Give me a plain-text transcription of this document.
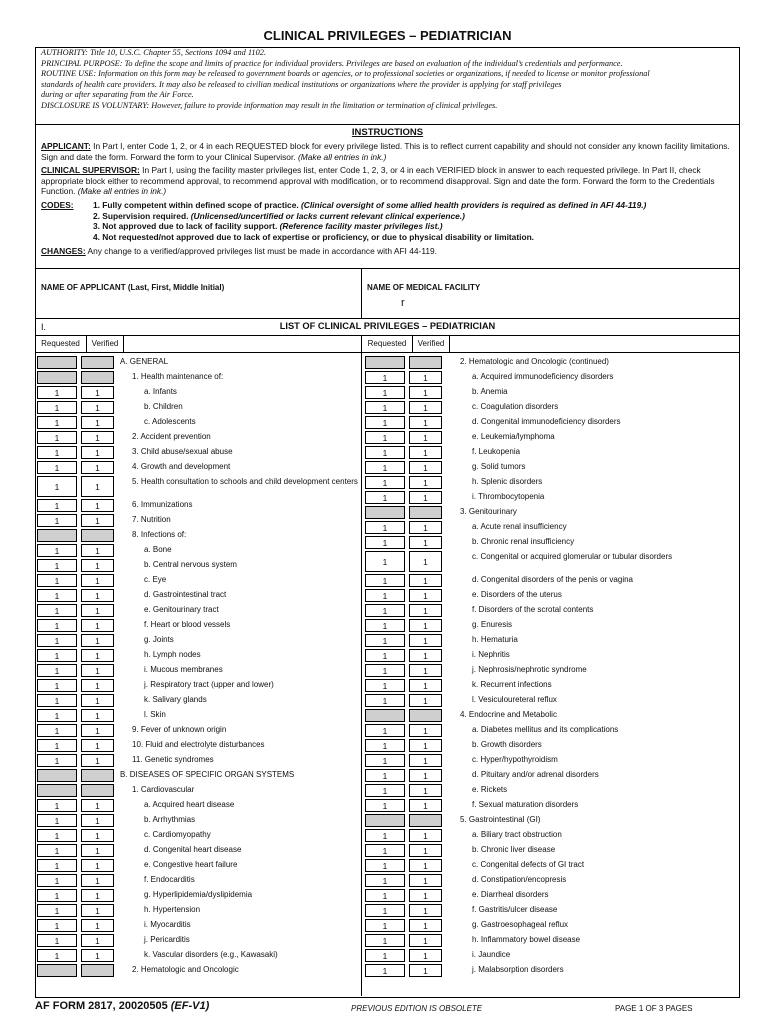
CLINICAL PRIVILEGES – PEDIATRICIAN
AUTHORITY: Title 10, U.S.C. Chapter 55, Sections 1094 and 1102.
PRINCIPAL PURPOSE: To define the scope and limits of practice for individual providers. Privileges are based on evaluation of the individual’s credentials and performance.
ROUTINE USE: Information on this form may be released to government boards or agencies, or to professional societies or organizations, if needed to license or monitor professional
standards of health care providers. It may also be released to civilian medical institutions or organizations where the provider is applying for staff privileges
during or after separating from the Air Force.
DISCLOSURE IS VOLUNTARY: However, failure to provide information may result in the limitation or termination of clinical privileges.
INSTRUCTIONS

APPLICANT: In Part I, enter Code 1, 2, or 4 in each REQUESTED block for every privilege listed. This is to reflect current capability and should not consider any known facility limitations. Sign and date the form. Forward the form to your Clinical Supervisor. (Make all entries in ink.)

CLINICAL SUPERVISOR: In Part I, using the facility master privileges list, enter Code 1, 2, 3, or 4 in each VERIFIED block in answer to each requested privilege. In Part II, check appropriate block either to recommend approval, to recommend approval with modification, or to recommend disapproval. Sign and date the form. Forward the form to the Credentials Function. (Make all entries in ink.)

CODES:	1. Fully competent within defined scope of practice. (Clinical oversight of some allied health providers is required as defined in AFI 44-119.)
2. Supervision required. (Unlicensed/uncertified or lacks current relevant clinical experience.)
3. Not approved due to lack of facility support. (Reference facility master privileges list.)
4. Not requested/not approved due to lack of expertise or proficiency, or due to physical disability or limitation.

CHANGES: Any change to a verified/approved privileges list must be made in accordance with AFI 44-119.

NAME OF APPLICANT (Last, First, Middle Initial)	NAME OF MEDICAL FACILITY
r
I.	LIST OF CLINICAL PRIVILEGES – PEDIATRICIAN
Requested	Verified	Requested	Verified
A. GENERAL
1. Health maintenance of:
1	1	a. Infants
1	1	b. Children
1	1	c. Adolescents
1	1	2. Accident prevention
1	1	3. Child abuse/sexual abuse
1	1	4. Growth and development
1	1
5. Health consultation to schools and child development centers
1	1	6. Immunizations
1	1	7. Nutrition
8. Infections of:
1	1	a. Bone
1	1	b. Central nervous system
1	1	c. Eye
1	1	d. Gastrointestinal tract
1	1	e. Genitourinary tract
1	1	f. Heart or blood vessels
1	1	g. Joints
1	1	h. Lymph nodes
1	1	i. Mucous membranes
1	1	j. Respiratory tract (upper and lower)
1	1	k. Salivary glands
1	1	l. Skin
1	1	9. Fever of unknown origin
1	1	10. Fluid and electrolyte disturbances
1	1	11. Genetic syndromes
B. DISEASES OF SPECIFIC ORGAN SYSTEMS
1. Cardiovascular
1	1	a. Acquired heart disease
1	1	b. Arrhythmias
1	1	c. Cardiomyopathy
1	1	d. Congenital heart disease
1	1	e. Congestive heart failure
1	1	f. Endocarditis
1	1	g. Hyperlipidemia/dyslipidemia
1	1	h. Hypertension
1	1	i. Myocarditis
1	1	j. Pericarditis
1	1	k. Vascular disorders (e.g., Kawasaki)
2. Hematologic and Oncologic
2. Hematologic and Oncologic (continued)
1	1	a. Acquired immunodeficiency disorders
1	1	b. Anemia
1	1	c. Coagulation disorders
1	1	d. Congenital immunodeficiency disorders
1	1	e. Leukemia/lymphoma
1	1	f. Leukopenia
1	1	g. Solid tumors
1	1	h. Splenic disorders
1	1	i. Thrombocytopenia
3. Genitourinary
1	1	a. Acute renal insufficiency
1	1	b. Chronic renal insufficiency
1	1
c. Congenital or acquired glomerular or tubular disorders
1	1	d. Congenital disorders of the penis or vagina
1	1	e. Disorders of the uterus
1	1	f. Disorders of the scrotal contents
1	1	g. Enuresis
1	1	h. Hematuria
1	1	i. Nephritis
1	1	j. Nephrosis/nephrotic syndrome
1	1	k. Recurrent infections
1	1	l. Vesiculoureteral reflux
4. Endocrine and Metabolic
1	1	a. Diabetes mellitus and its complications
1	1	b. Growth disorders
1	1	c. Hyper/hypothyroidism
1	1	d. Pituitary and/or adrenal disorders
1	1	e. Rickets
1	1	f. Sexual maturation disorders
5. Gastrointestinal (GI)
1	1	a. Biliary tract obstruction
1	1	b. Chronic liver disease
1	1	c. Congenital defects of GI tract
1	1	d. Constipation/encopresis
1	1	e. Diarrheal disorders
1	1	f. Gastritis/ulcer disease
1	1	g. Gastroesophageal reflux
1	1	h. Inflammatory bowel disease
1	1	i. Jaundice
1	1	j. Malabsorption disorders
AF FORM 2817, 20020505 (EF-V1)	PREVIOUS EDITION IS OBSOLETE	PAGE 1 OF 3 PAGES
